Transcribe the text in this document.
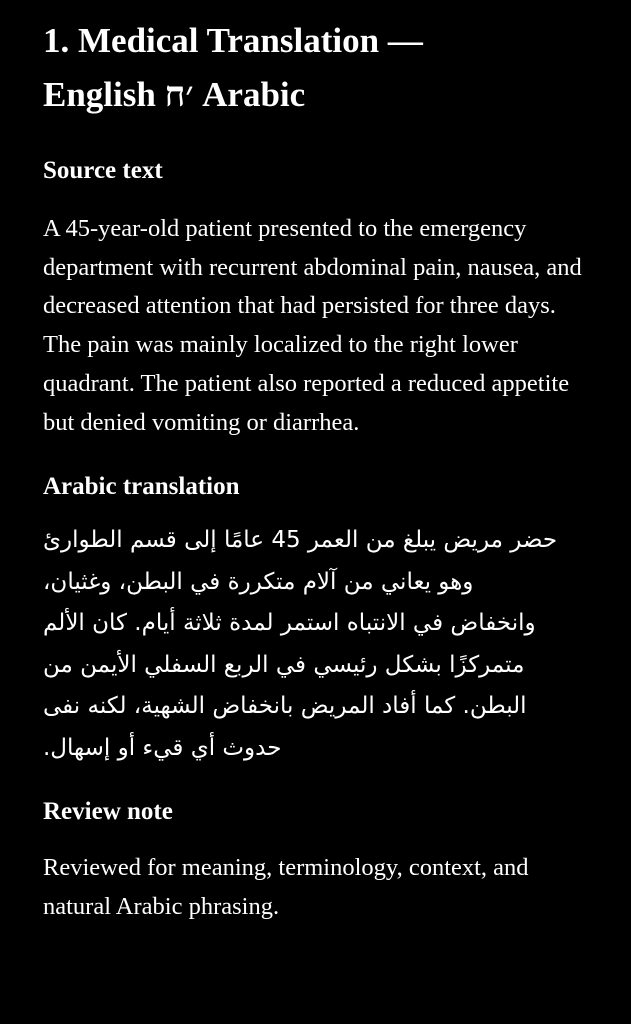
1. Medical Translation —
English ׳ח Arabic
Source text

A 45-year-old patient presented to the emergency department with recurrent abdominal pain, nausea, and decreased attention that had persisted for three days. The pain was mainly localized to the right lower quadrant. The patient also reported a reduced appetite but denied vomiting or diarrhea.

Arabic translation
حضر مريض يبلغ من العمر 45 عامًا إلى قسم الطوارئ
وهو يعاني من آلام متكررة في البطن، وغثيان،
وانخفاض في الانتباه استمر لمدة ثلاثة أيام. كان الألم
متمركزًا بشكل رئيسي في الربع السفلي الأيمن من
البطن. كما أفاد المريض بانخفاض الشهية، لكنه نفى
حدوث أي قيء أو إسهال.
Review note

Reviewed for meaning, terminology, context, and natural Arabic phrasing.
